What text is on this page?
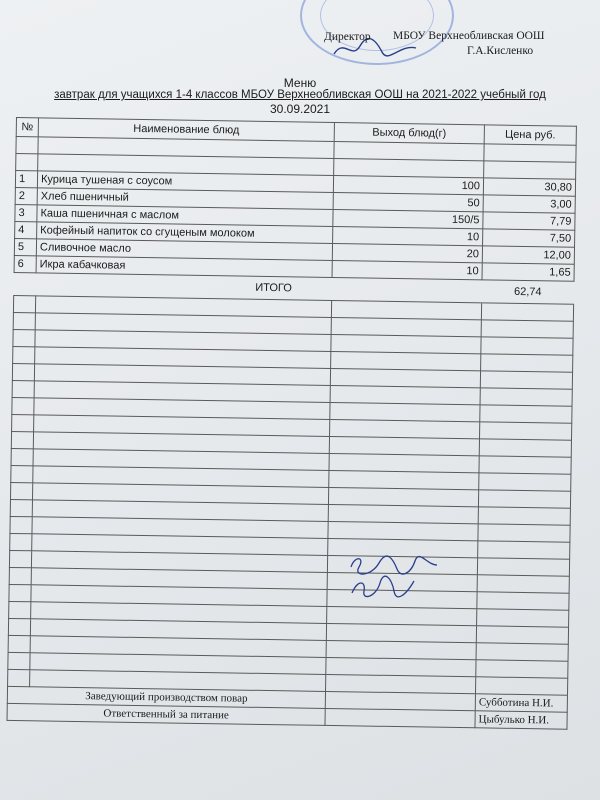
Директор МБОУ Верхнеобливская ООШ
Г.А.Кисленко
Меню
завтрак для учащихся 1-4 классов МБОУ Верхнеобливская ООШ на 2021-2022 учебный год
30.09.2021
№	Наименование блюд	Выход блюд(г)	Цена руб.

1	Курица тушеная с соусом	100	30,80
2	Хлеб пшеничный	50	3,00
3	Каша пшеничная с маслом	150/5	7,79
4	Кофейный напиток со сгущеным молоком	10	7,50
5	Сливочное масло	20	12,00
6	Икра кабачковая	10	1,65
ИТОГО			62,74

Заведующий производством повар			Субботина Н.И.
Ответственный за питание			Цыбулько Н.И.
